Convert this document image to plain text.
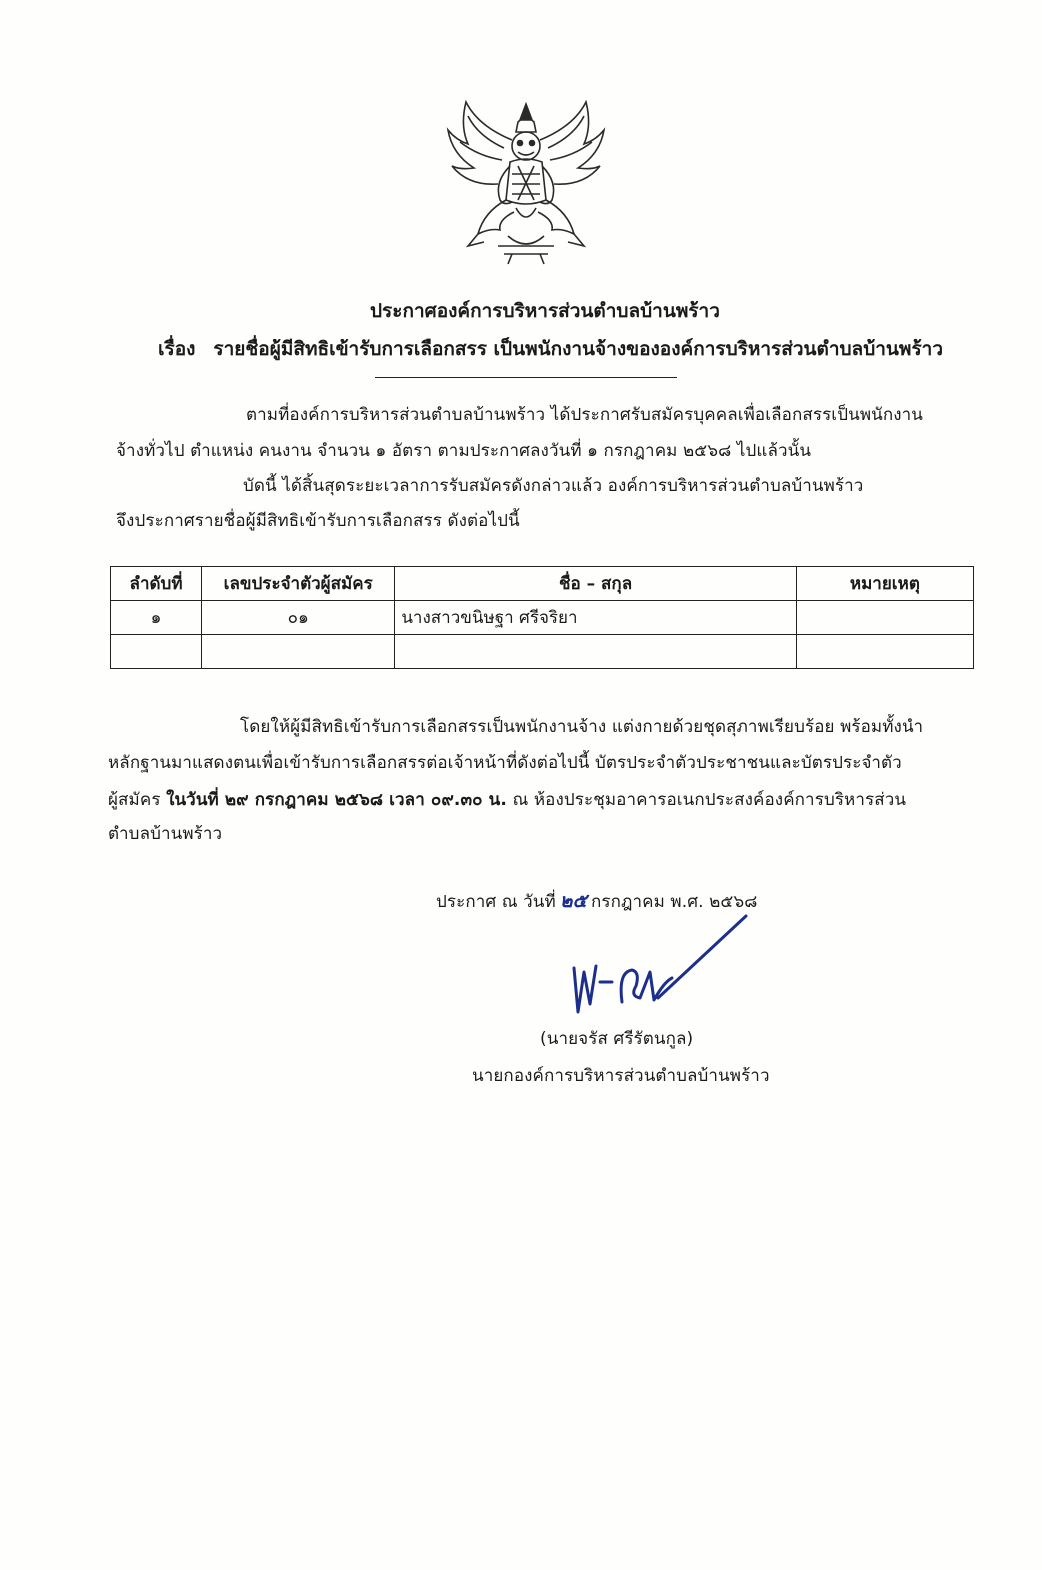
ประกาศองค์การบริหารส่วนตำบลบ้านพร้าว
เรื่อง รายชื่อผู้มีสิทธิเข้ารับการเลือกสรร เป็นพนักงานจ้างขององค์การบริหารส่วนตำบลบ้านพร้าว
ตามที่องค์การบริหารส่วนตำบลบ้านพร้าว ได้ประกาศรับสมัครบุคคลเพื่อเลือกสรรเป็นพนักงาน
จ้างทั่วไป ตำแหน่ง คนงาน จำนวน ๑ อัตรา ตามประกาศลงวันที่ ๑ กรกฎาคม ๒๕๖๘ ไปแล้วนั้น
บัดนี้ ได้สิ้นสุดระยะเวลาการรับสมัครดังกล่าวแล้ว องค์การบริหารส่วนตำบลบ้านพร้าว
จึงประกาศรายชื่อผู้มีสิทธิเข้ารับการเลือกสรร ดังต่อไปนี้
ลำดับที่	เลขประจำตัวผู้สมัคร	ชื่อ – สกุล	หมายเหตุ
๑	๐๑	นางสาวขนิษฐา ศรีจริยา	

โดยให้ผู้มีสิทธิเข้ารับการเลือกสรรเป็นพนักงานจ้าง แต่งกายด้วยชุดสุภาพเรียบร้อย พร้อมทั้งนำ
หลักฐานมาแสดงตนเพื่อเข้ารับการเลือกสรรต่อเจ้าหน้าที่ดังต่อไปนี้ บัตรประจำตัวประชาชนและบัตรประจำตัว
ผู้สมัคร ในวันที่ ๒๙ กรกฎาคม ๒๕๖๘ เวลา ๐๙.๓๐ น. ณ ห้องประชุมอาคารอเนกประสงค์องค์การบริหารส่วน
ตำบลบ้านพร้าว
ประกาศ ณ วันที่ ๒๕ กรกฎาคม พ.ศ. ๒๕๖๘
(นายจรัส ศรีรัตนกูล)
นายกองค์การบริหารส่วนตำบลบ้านพร้าว
